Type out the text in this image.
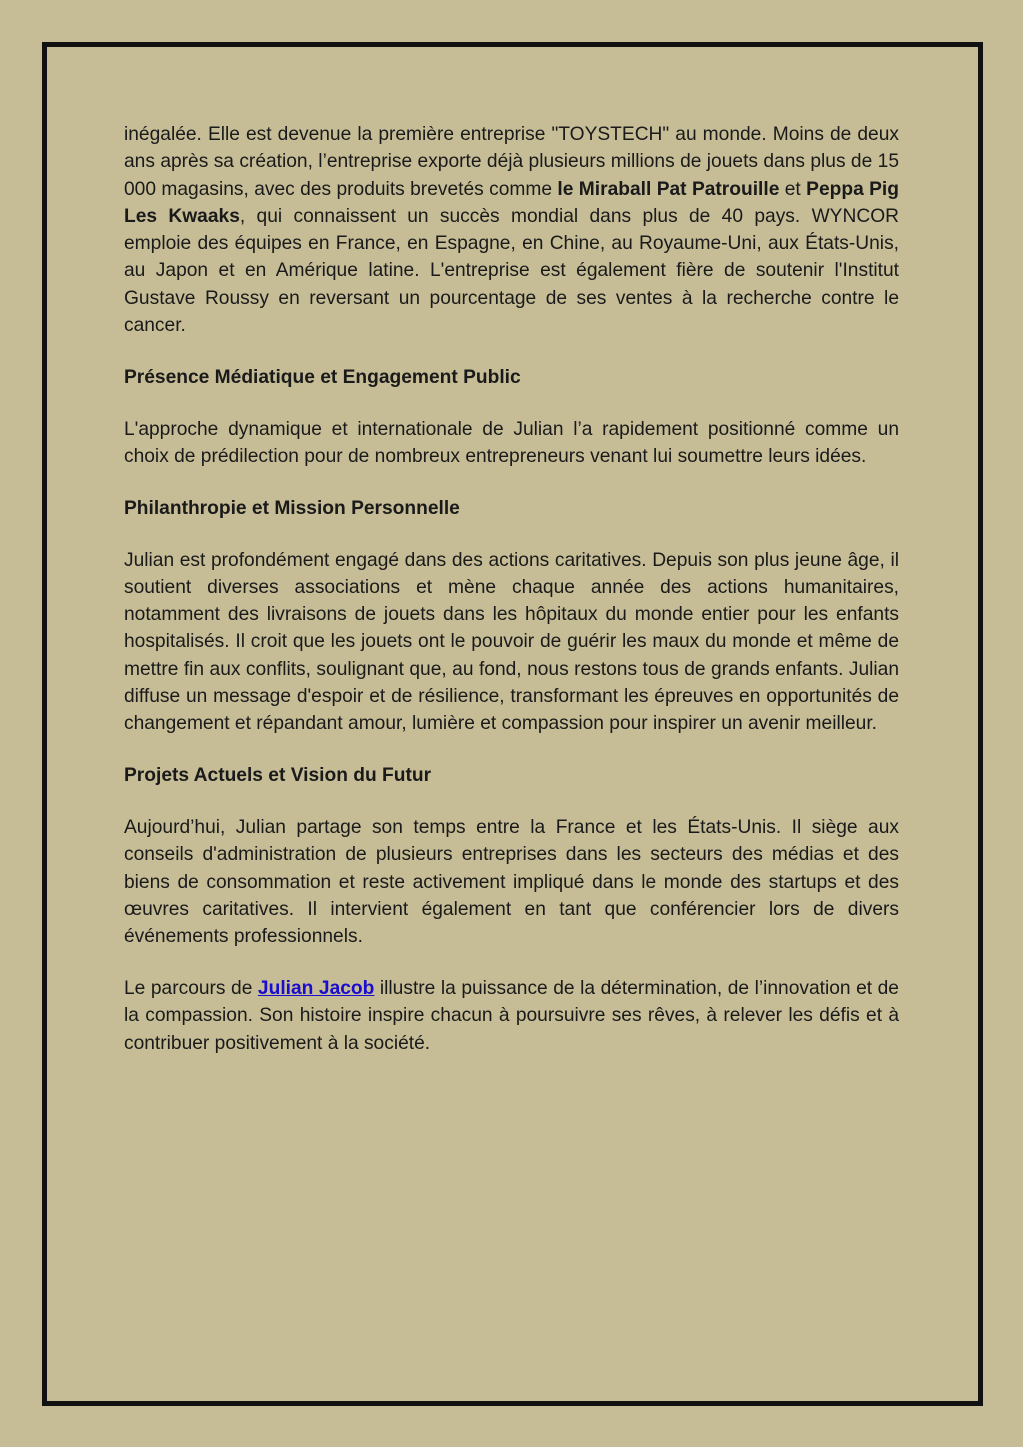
inégalée. Elle est devenue la première entreprise "TOYSTECH" au monde. Moins de deux ans après sa création, l’entreprise exporte déjà plusieurs millions de jouets dans plus de 15 000 magasins, avec des produits brevetés comme le Miraball Pat Patrouille et Peppa Pig Les Kwaaks, qui connaissent un succès mondial dans plus de 40 pays. WYNCOR emploie des équipes en France, en Espagne, en Chine, au Royaume-Uni, aux États-Unis, au Japon et en Amérique latine. L'entreprise est également fière de soutenir l'Institut Gustave Roussy en reversant un pourcentage de ses ventes à la recherche contre le cancer.

Présence Médiatique et Engagement Public

L'approche dynamique et internationale de Julian l’a rapidement positionné comme un choix de prédilection pour de nombreux entrepreneurs venant lui soumettre leurs idées.

Philanthropie et Mission Personnelle

Julian est profondément engagé dans des actions caritatives. Depuis son plus jeune âge, il soutient diverses associations et mène chaque année des actions humanitaires, notamment des livraisons de jouets dans les hôpitaux du monde entier pour les enfants hospitalisés. Il croit que les jouets ont le pouvoir de guérir les maux du monde et même de mettre fin aux conflits, soulignant que, au fond, nous restons tous de grands enfants. Julian diffuse un message d'espoir et de résilience, transformant les épreuves en opportunités de changement et répandant amour, lumière et compassion pour inspirer un avenir meilleur.

Projets Actuels et Vision du Futur

Aujourd’hui, Julian partage son temps entre la France et les États-Unis. Il siège aux conseils d'administration de plusieurs entreprises dans les secteurs des médias et des biens de consommation et reste activement impliqué dans le monde des startups et des œuvres caritatives. Il intervient également en tant que conférencier lors de divers événements professionnels.

Le parcours de Julian Jacob illustre la puissance de la détermination, de l’innovation et de la compassion. Son histoire inspire chacun à poursuivre ses rêves, à relever les défis et à contribuer positivement à la société.
